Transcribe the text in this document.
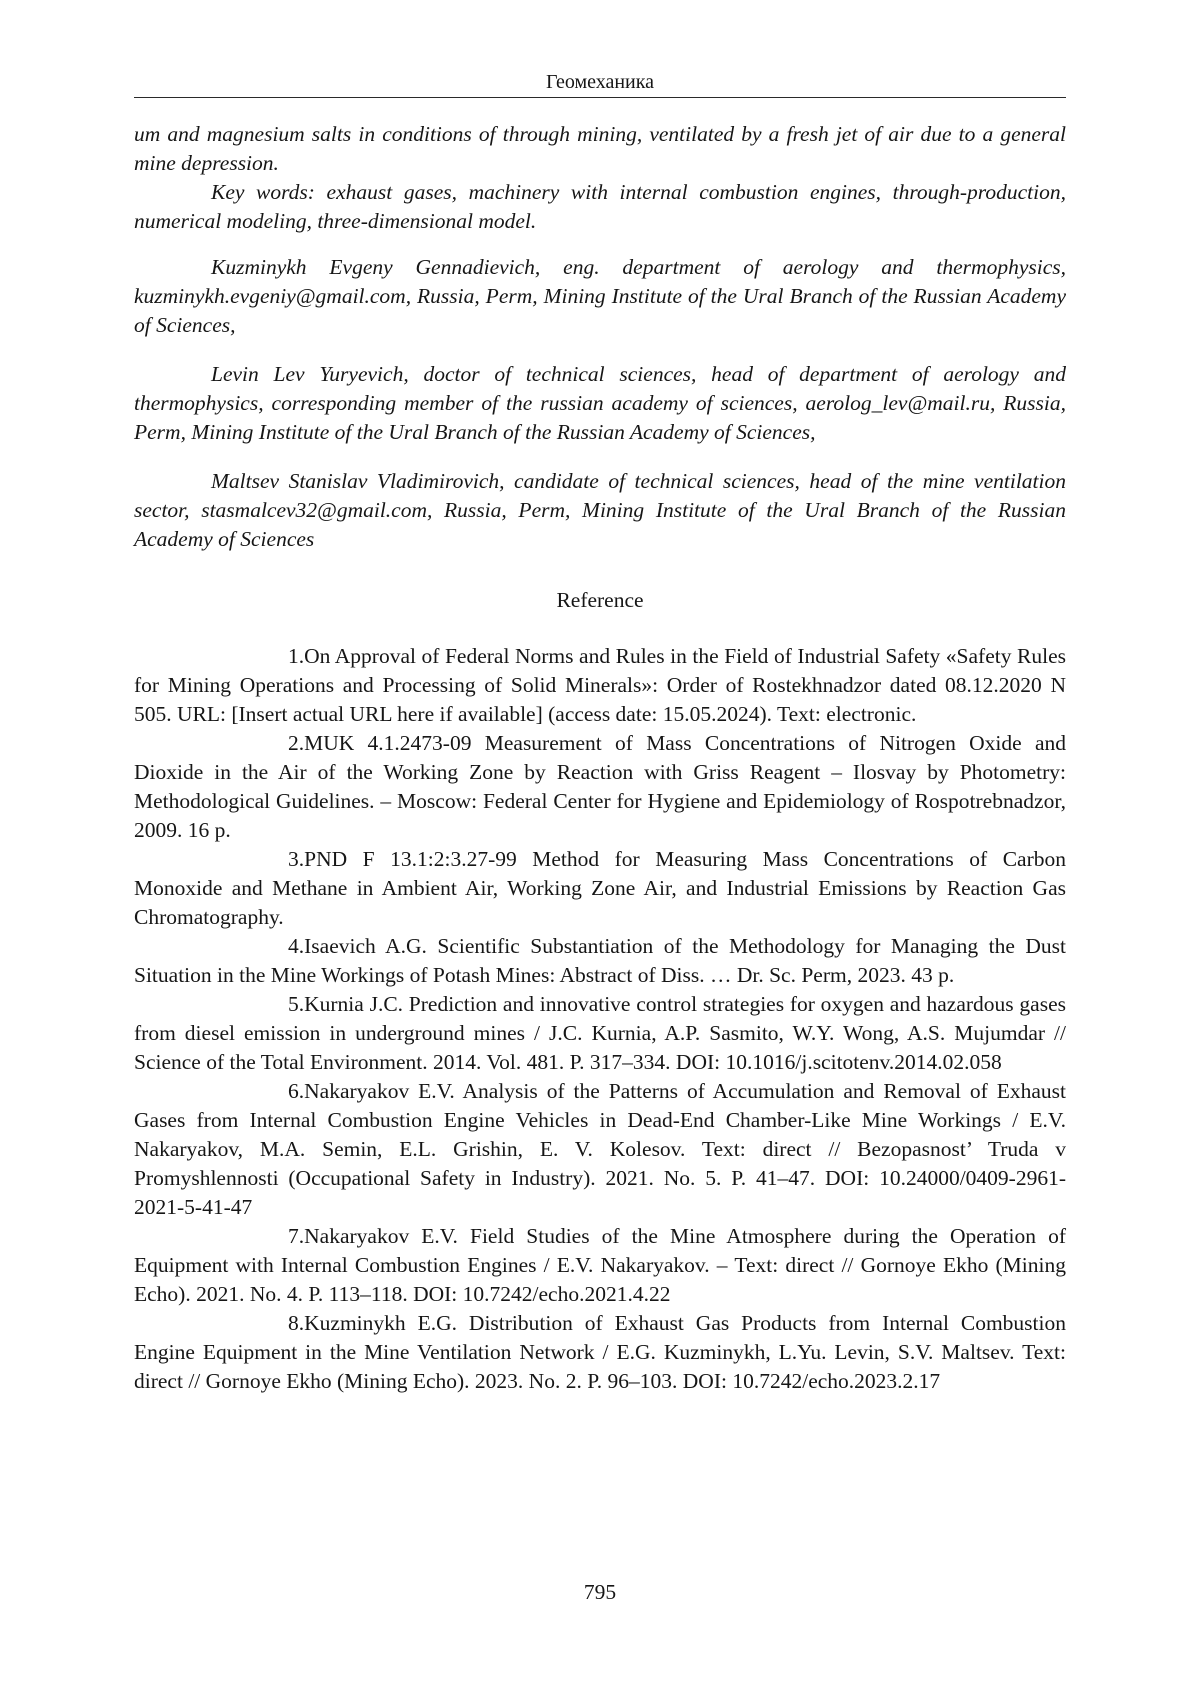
Геомеханика

um and magnesium salts in conditions of through mining, ventilated by a fresh jet of air due to a general mine depression.

Key words: exhaust gases, machinery with internal combustion engines, through-production, numerical modeling, three-dimensional model.

Kuzminykh Evgeny Gennadievich, eng. department of aerology and thermophysics, kuzminykh.evgeniy@gmail.com, Russia, Perm, Mining Institute of the Ural Branch of the Russian Academy of Sciences,

Levin Lev Yuryevich, doctor of technical sciences, head of department of aerology and thermophysics, corresponding member of the russian academy of sciences, aerolog_lev@mail.ru, Russia, Perm, Mining Institute of the Ural Branch of the Russian Academy of Sciences,

Maltsev Stanislav Vladimirovich, candidate of technical sciences, head of the mine ventilation sector, stasmalcev32@gmail.com, Russia, Perm, Mining Institute of the Ural Branch of the Russian Academy of Sciences

Reference

1.On Approval of Federal Norms and Rules in the Field of Industrial Safety «Safety Rules for Mining Operations and Processing of Solid Minerals»: Order of Rostekhnadzor dated 08.12.2020 N 505. URL: [Insert actual URL here if available] (access date: 15.05.2024). Text: electronic.

2.MUK 4.1.2473-09 Measurement of Mass Concentrations of Nitrogen Oxide and Dioxide in the Air of the Working Zone by Reaction with Griss Reagent – Ilosvay by Photometry: Methodological Guidelines. – Moscow: Federal Center for Hygiene and Epidemiology of Rospotrebnadzor, 2009. 16 p.

3.PND F 13.1:2:3.27-99 Method for Measuring Mass Concentrations of Carbon Monoxide and Methane in Ambient Air, Working Zone Air, and Industrial Emissions by Reaction Gas Chromatography.

4.Isaevich A.G. Scientific Substantiation of the Methodology for Managing the Dust Situation in the Mine Workings of Potash Mines: Abstract of Diss. … Dr. Sc. Perm, 2023. 43 p.

5.Kurnia J.C. Prediction and innovative control strategies for oxygen and hazardous gases from diesel emission in underground mines / J.C. Kurnia, A.P. Sasmito, W.Y. Wong, A.S. Mujumdar // Science of the Total Environment. 2014. Vol. 481. P. 317–334. DOI: 10.1016/j.scitotenv.2014.02.058

6.Nakaryakov E.V. Analysis of the Patterns of Accumulation and Removal of Exhaust Gases from Internal Combustion Engine Vehicles in Dead-End Chamber-Like Mine Workings / E.V. Nakaryakov, M.A. Semin, E.L. Grishin, E. V. Kolesov. Text: direct // Bezopasnost’ Truda v Promyshlennosti (Occupational Safety in Industry). 2021. No. 5. P. 41–47. DOI: 10.24000/0409-2961-2021-5-41-47

7.Nakaryakov E.V. Field Studies of the Mine Atmosphere during the Operation of Equipment with Internal Combustion Engines / E.V. Nakaryakov. – Text: direct // Gornoye Ekho (Mining Echo). 2021. No. 4. P. 113–118. DOI: 10.7242/echo.2021.4.22

8.Kuzminykh E.G. Distribution of Exhaust Gas Products from Internal Combustion Engine Equipment in the Mine Ventilation Network / E.G. Kuzminykh, L.Yu. Levin, S.V. Maltsev. Text: direct // Gornoye Ekho (Mining Echo). 2023. No. 2. P. 96–103. DOI: 10.7242/echo.2023.2.17

795
